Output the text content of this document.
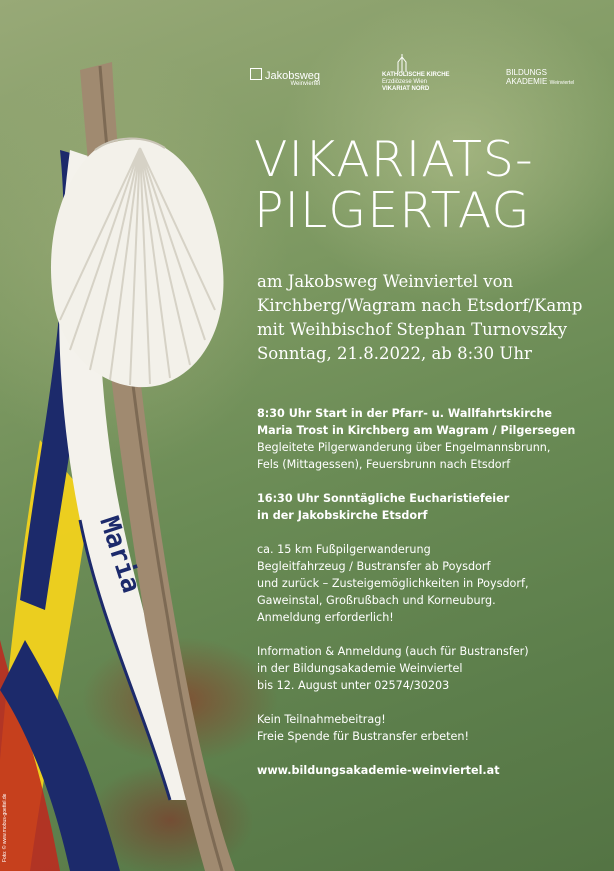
Jakobsweg
Weinviertel
KATHOLISCHE KIRCHE
Erzdiözese Wien
VIKARIAT NORD
BILDUNGS
AKADEMIE Weinviertel
VIKARIATS-
PILGERTAG
am Jakobsweg Weinviertel von
Kirchberg/Wagram nach Etsdorf/Kamp
mit Weihbischof Stephan Turnovszky
Sonntag, 21.8.2022, ab 8:30 Uhr
8:30 Uhr Start in der Pfarr- u. Wallfahrtskirche
Maria Trost in Kirchberg am Wagram / Pilgersegen
Begleitete Pilgerwanderung über Engelmannsbrunn,
Fels (Mittagessen), Feuersbrunn nach Etsdorf
16:30 Uhr Sonntägliche Eucharistiefeier
in der Jakobskirche Etsdorf
ca. 15 km Fußpilgerwanderung
Begleitfahrzeug / Bustransfer ab Poysdorf
und zurück – Zusteigemöglichkeiten in Poysdorf,
Gaweinstal, Großrußbach und Korneuburg.
Anmeldung erforderlich!
Information & Anmeldung (auch für Bustransfer)
in der Bildungsakademie Weinviertel
bis 12. August unter 02574/30203
Kein Teilnahmebeitrag!
Freie Spende für Bustransfer erbeten!
www.bildungsakademie-weinviertel.at
Foto: © www.mobus-goettel.de
Maria
